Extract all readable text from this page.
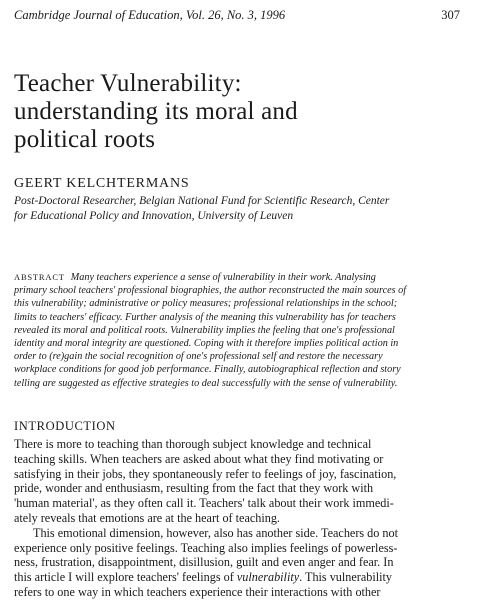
Cambridge Journal of Education, Vol. 26, No. 3, 1996	307
Teacher Vulnerability:
understanding its moral and
political roots
GEERT KELCHTERMANS
Post-Doctoral Researcher, Belgian National Fund for Scientific Research, Center
for Educational Policy and Innovation, University of Leuven
ABSTRACT Many teachers experience a sense of vulnerability in their work. Analysing
primary school teachers' professional biographies, the author reconstructed the main sources of
this vulnerability; administrative or policy measures; professional relationships in the school;
limits to teachers' efficacy. Further analysis of the meaning this vulnerability has for teachers
revealed its moral and political roots. Vulnerability implies the feeling that one's professional
identity and moral integrity are questioned. Coping with it therefore implies political action in
order to (re)gain the social recognition of one's professional self and restore the necessary
workplace conditions for good job performance. Finally, autobiographical reflection and story
telling are suggested as effective strategies to deal successfully with the sense of vulnerability.
INTRODUCTION
There is more to teaching than thorough subject knowledge and technical
teaching skills. When teachers are asked about what they find motivating or
satisfying in their jobs, they spontaneously refer to feelings of joy, fascination,
pride, wonder and enthusiasm, resulting from the fact that they work with
'human material', as they often call it. Teachers' talk about their work immedi-
ately reveals that emotions are at the heart of teaching.
This emotional dimension, however, also has another side. Teachers do not
experience only positive feelings. Teaching also implies feelings of powerless-
ness, frustration, disappointment, disillusion, guilt and even anger and fear. In
this article I will explore teachers' feelings of vulnerability. This vulnerability
refers to one way in which teachers experience their interactions with other
